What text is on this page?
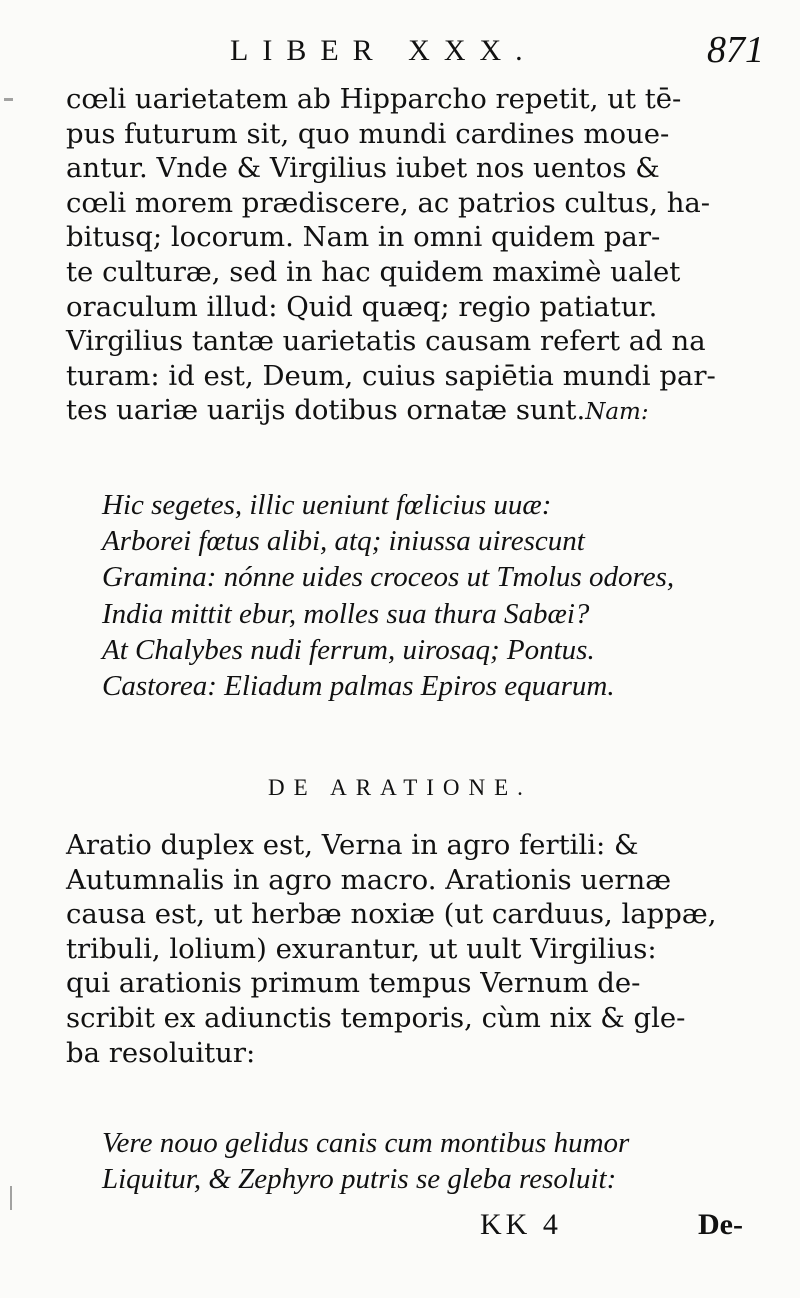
LIBER XXX.	871
cœli uarietatem ab Hipparcho repetit, ut tē-
pus futurum sit, quo mundi cardines moue-
antur. Vnde & Virgilius iubet nos uentos &
cœli morem prædiscere, ac patrios cultus, ha-
bitusq; locorum. Nam in omni quidem par-
te culturæ, sed in hac quidem maximè ualet
oraculum illud: Quid quæq; regio patiatur.
Virgilius tantæ uarietatis causam refert ad na
turam: id est, Deum, cuius sapiētia mundi par-
tes uariæ uarijs dotibus ornatæ sunt.Nam:
Hic segetes, illic ueniunt fœlicius uuæ:
Arborei fœtus alibi, atq; iniussa uirescunt
Gramina: nónne uides croceos ut Tmolus odores,
India mittit ebur, molles sua thura Sabæi?
At Chalybes nudi ferrum, uirosaq; Pontus.
Castorea: Eliadum palmas Epiros equarum.
DE ARATIONE.
Aratio duplex est, Verna in agro fertili: &
Autumnalis in agro macro. Arationis uernæ
causa est, ut herbæ noxiæ (ut carduus, lappæ,
tribuli, lolium) exurantur, ut uult Virgilius:
qui arationis primum tempus Vernum de-
scribit ex adiunctis temporis, cùm nix & gle-
ba resoluitur:
Vere nouo gelidus canis cum montibus humor
Liquitur, & Zephyro putris se gleba resoluit:
KK 4	De-
